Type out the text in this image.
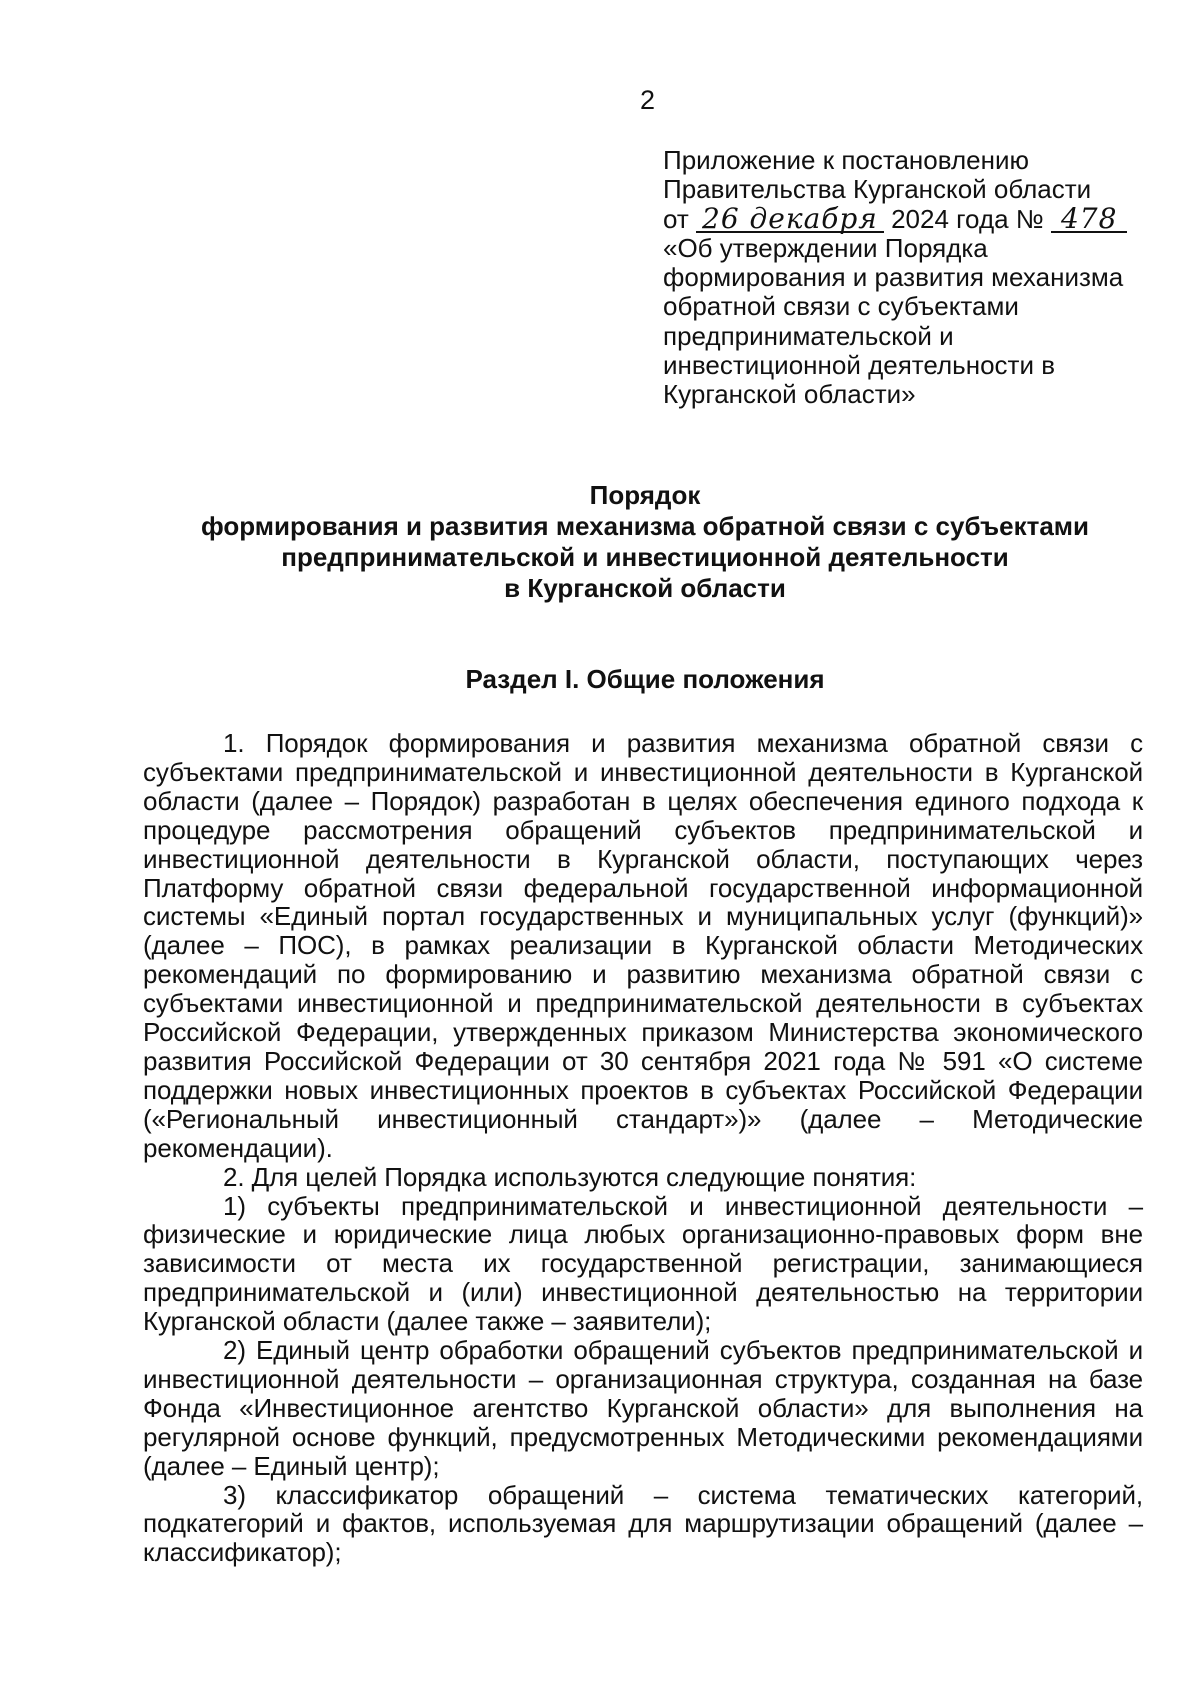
2
Приложение к постановлению
Правительства Курганской области
от 26 декабря 2024 года № 478
«Об утверждении Порядка
формирования и развития механизма
обратной связи с субъектами
предпринимательской и
инвестиционной деятельности в
Курганской области»
Порядок
формирования и развития механизма обратной связи с субъектами
предпринимательской и инвестиционной деятельности
в Курганской области
Раздел I. Общие положения

1. Порядок формирования и развития механизма обратной связи с субъектами предпринимательской и инвестиционной деятельности в Курганской области (далее – Порядок) разработан в целях обеспечения единого подхода к процедуре рассмотрения обращений субъектов предпринимательской и инвестиционной деятельности в Курганской области, поступающих через Платформу обратной связи федеральной государственной информационной системы «Единый портал государственных и муниципальных услуг (функций)» (далее – ПОС), в рамках реализации в Курганской области Методических рекомендаций по формированию и развитию механизма обратной связи с субъектами инвестиционной и предпринимательской деятельности в субъектах Российской Федерации, утвержденных приказом Министерства экономического развития Российской Федерации от 30 сентября 2021 года № 591 «О системе поддержки новых инвестиционных проектов в субъектах Российской Федерации («Региональный инвестиционный стандарт»)» (далее – Методические рекомендации).

2. Для целей Порядка используются следующие понятия:

1) субъекты предпринимательской и инвестиционной деятельности – физические и юридические лица любых организационно-правовых форм вне зависимости от места их государственной регистрации, занимающиеся предпринимательской и (или) инвестиционной деятельностью на территории Курганской области (далее также – заявители);

2) Единый центр обработки обращений субъектов предпринимательской и инвестиционной деятельности – организационная структура, созданная на базе Фонда «Инвестиционное агентство Курганской области» для выполнения на регулярной основе функций, предусмотренных Методическими рекомендациями (далее – Единый центр);

3) классификатор обращений – система тематических категорий, подкатегорий и фактов, используемая для маршрутизации обращений (далее – классификатор);
